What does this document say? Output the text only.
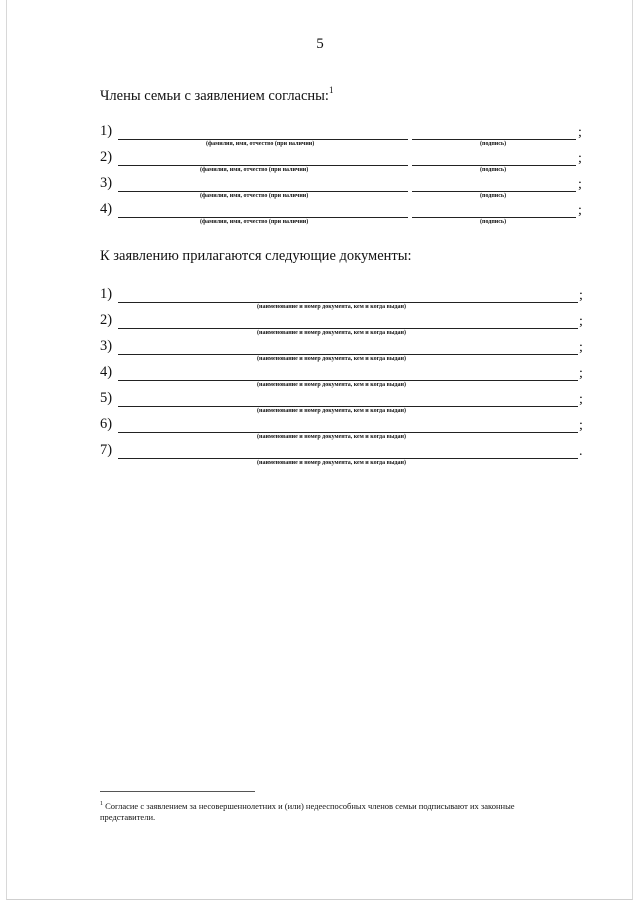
5
Члены семьи с заявлением согласны:$^1$
1)	;
(фамилия, имя, отчество (при наличии)	(подпись)
2)	;
(фамилия, имя, отчество (при наличии)	(подпись)
3)	;
(фамилия, имя, отчество (при наличии)	(подпись)
4)	;
(фамилия, имя, отчество (при наличии)	(подпись)
К заявлению прилагаются следующие документы:
1)	;
(наименование и номер документа, кем и когда выдан)
2)	;
(наименование и номер документа, кем и когда выдан)
3)	;
(наименование и номер документа, кем и когда выдан)
4)	;
(наименование и номер документа, кем и когда выдан)
5)	;
(наименование и номер документа, кем и когда выдан)
6)	;
(наименование и номер документа, кем и когда выдан)
7)	.
(наименование и номер документа, кем и когда выдан)
$^1$ Согласие с заявлением за несовершеннолетних и (или) недееспособных членов семьи подписывают их законные представители.
